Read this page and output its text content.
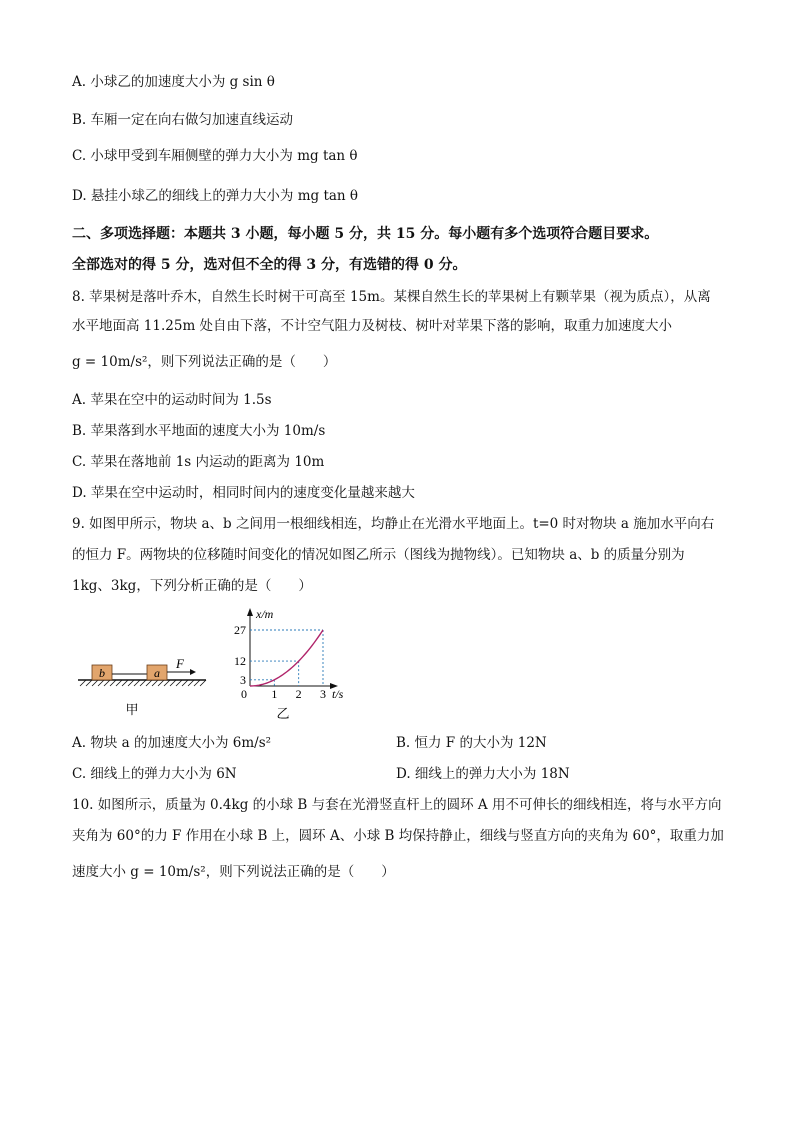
A. 小球乙的加速度大小为 g sin θ
B. 车厢一定在向右做匀加速直线运动
C. 小球甲受到车厢侧壁的弹力大小为 mg tan θ
D. 悬挂小球乙的细线上的弹力大小为 mg tan θ
二、多项选择题：本题共 3 小题，每小题 5 分，共 15 分。每小题有多个选项符合题目要求。
全部选对的得 5 分，选对但不全的得 3 分，有选错的得 0 分。
8. 苹果树是落叶乔木，自然生长时树干可高至 15m。某棵自然生长的苹果树上有颗苹果（视为质点），从离
水平地面高 11.25m 处自由下落，不计空气阻力及树枝、树叶对苹果下落的影响，取重力加速度大小
g = 10m/s²，则下列说法正确的是（　　）
A. 苹果在空中的运动时间为 1.5s
B. 苹果落到水平地面的速度大小为 10m/s
C. 苹果在落地前 1s 内运动的距离为 10m
D. 苹果在空中运动时，相同时间内的速度变化量越来越大
9. 如图甲所示，物块 a、b 之间用一根细线相连，均静止在光滑水平地面上。t=0 时对物块 a 施加水平向右
的恒力 F。两物块的位移随时间变化的情况如图乙所示（图线为抛物线）。已知物块 a、b 的质量分别为
1kg、3kg，下列分析正确的是（　　）
b	a
F
甲
x/m
t/s
27
12
3
0 1 2 3
乙
A. 物块 a 的加速度大小为 6m/s²	B. 恒力 F 的大小为 12N
C. 细线上的弹力大小为 6N	D. 细线上的弹力大小为 18N
10. 如图所示，质量为 0.4kg 的小球 B 与套在光滑竖直杆上的圆环 A 用不可伸长的细线相连，将与水平方向
夹角为 60°的力 F 作用在小球 B 上，圆环 A、小球 B 均保持静止，细线与竖直方向的夹角为 60°，取重力加
速度大小 g = 10m/s²，则下列说法正确的是（　　）
